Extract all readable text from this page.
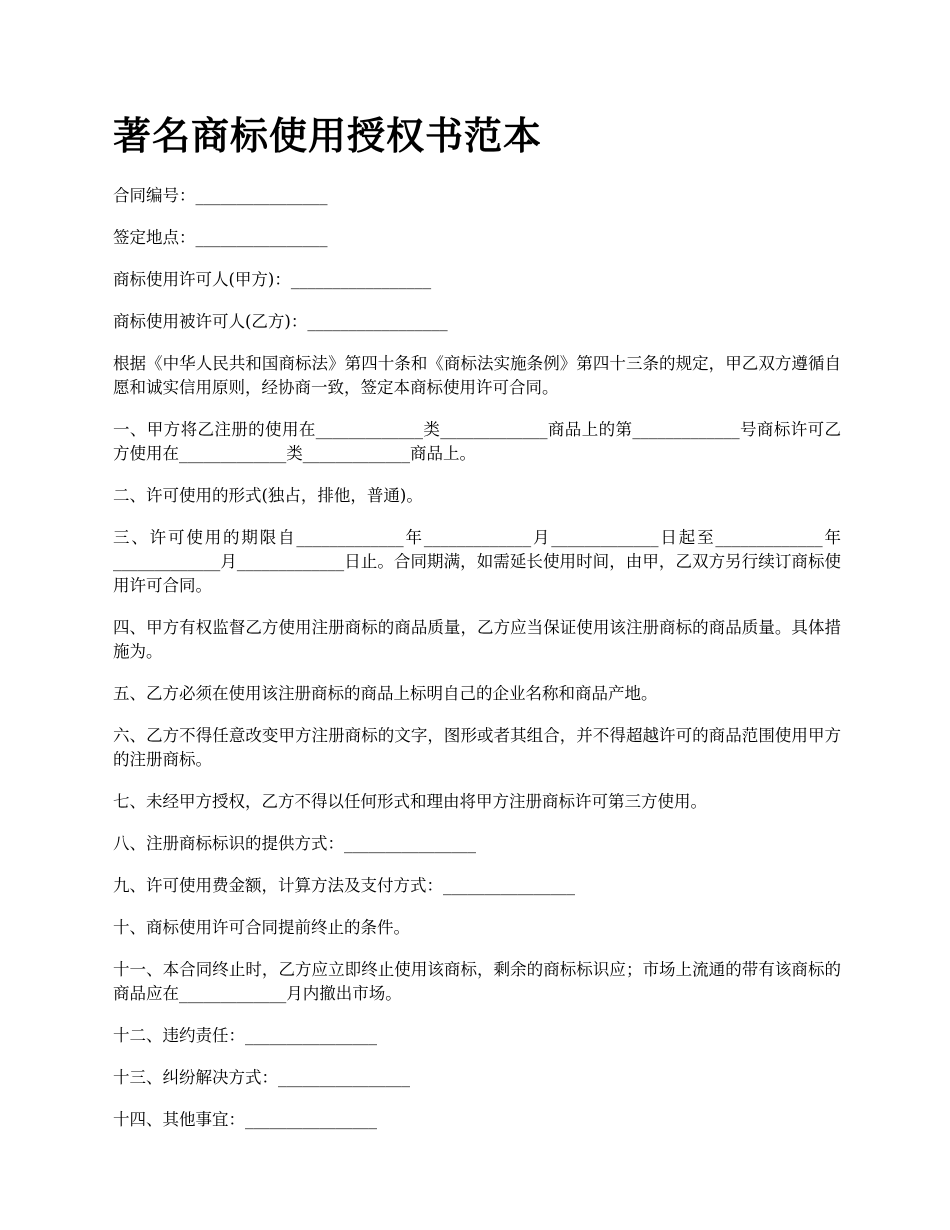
著名商标使用授权书范本

合同编号：________________

签定地点：________________

商标使用许可人(甲方)：_________________

商标使用被许可人(乙方)：_________________

根据《中华人民共和国商标法》第四十条和《商标法实施条例》第四十三条的规定，甲乙双方遵循自愿和诚实信用原则，经协商一致，签定本商标使用许可合同。

一、甲方将乙注册的使用在_____________类_____________商品上的第_____________号商标许可乙方使用在_____________类_____________商品上。

二、许可使用的形式(独占，排他，普通)。

三、许可使用的期限自_____________年_____________月_____________日起至_____________年_____________月_____________日止。合同期满，如需延长使用时间，由甲，乙双方另行续订商标使用许可合同。

四、甲方有权监督乙方使用注册商标的商品质量，乙方应当保证使用该注册商标的商品质量。具体措施为。

五、乙方必须在使用该注册商标的商品上标明自己的企业名称和商品产地。

六、乙方不得任意改变甲方注册商标的文字，图形或者其组合，并不得超越许可的商品范围使用甲方的注册商标。

七、未经甲方授权，乙方不得以任何形式和理由将甲方注册商标许可第三方使用。

八、注册商标标识的提供方式：________________

九、许可使用费金额，计算方法及支付方式：________________

十、商标使用许可合同提前终止的条件。

十一、本合同终止时，乙方应立即终止使用该商标，剩余的商标标识应；市场上流通的带有该商标的商品应在_____________月内撤出市场。

十二、违约责任：________________

十三、纠纷解决方式：________________

十四、其他事宜：________________
